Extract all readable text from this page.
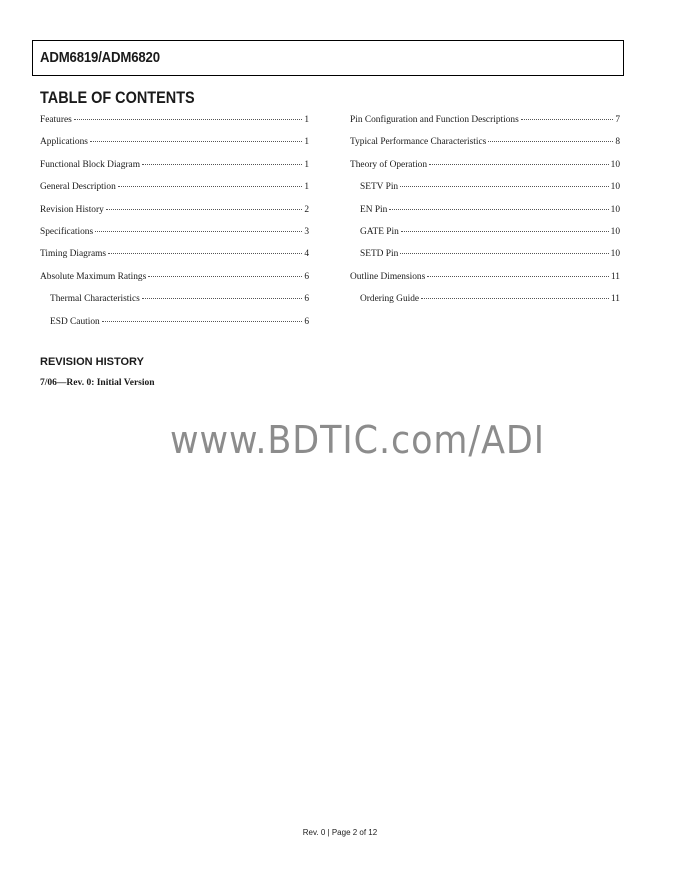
ADM6819/ADM6820
TABLE OF CONTENTS
Features	1
Applications	1
Functional Block Diagram	1
General Description	1
Revision History	2
Specifications	3
Timing Diagrams	4
Absolute Maximum Ratings	6
Thermal Characteristics	6
ESD Caution	6
Pin Configuration and Function Descriptions	7
Typical Performance Characteristics	8
Theory of Operation	10
SETV Pin	10
EN Pin	10
GATE Pin	10
SETD Pin	10
Outline Dimensions	11
Ordering Guide	11
REVISION HISTORY
7/06—Rev. 0: Initial Version
www.BDTIC.com/ADI
Rev. 0 | Page 2 of 12
